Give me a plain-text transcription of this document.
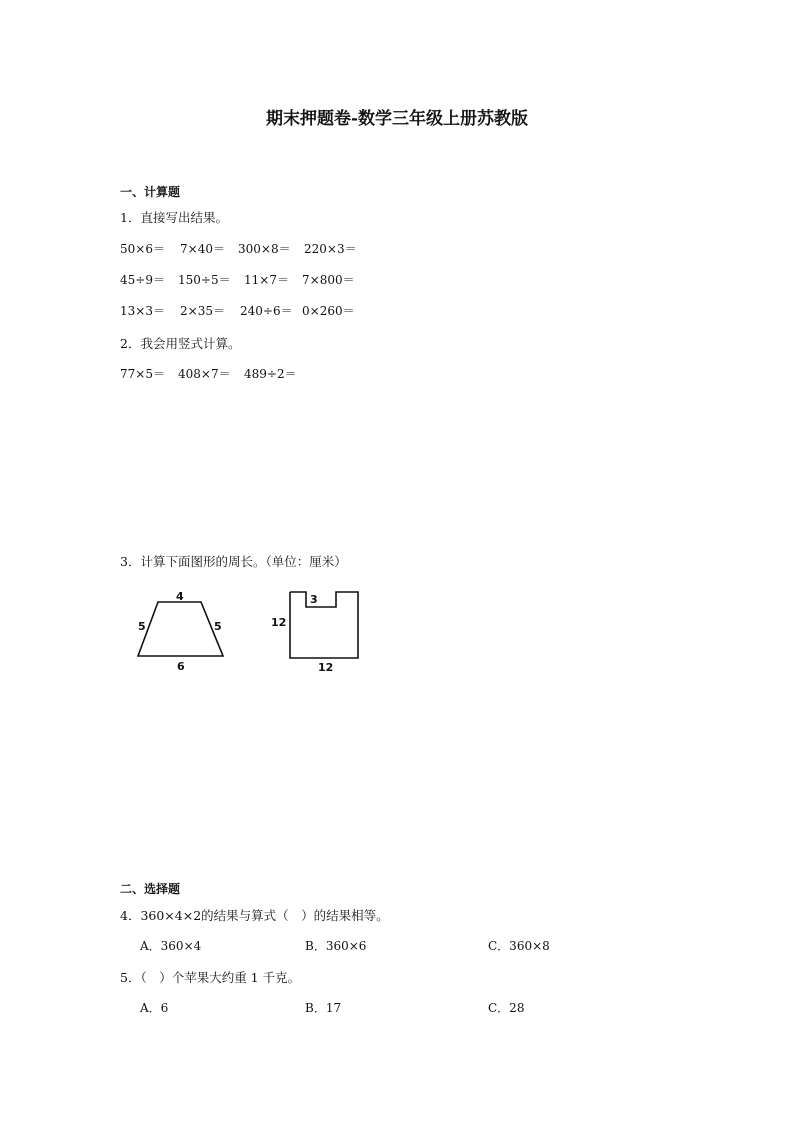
期末押题卷-数学三年级上册苏教版
一、计算题
1．直接写出结果。
50×6＝ 7×40＝ 300×8＝ 220×3＝
45÷9＝ 150÷5＝ 11×7＝ 7×800＝
13×3＝ 2×35＝ 240÷6＝ 0×260＝
2．我会用竖式计算。
77×5＝ 408×7＝ 489÷2＝
3．计算下面图形的周长。（单位：厘米）
4
5	5
6
3
12
12
二、选择题
4．360×4×2的结果与算式（　）的结果相等。
A．360×4	B．360×6	C．360×8
5．（　）个苹果大约重 1 千克。
A．6	B．17	C．28
